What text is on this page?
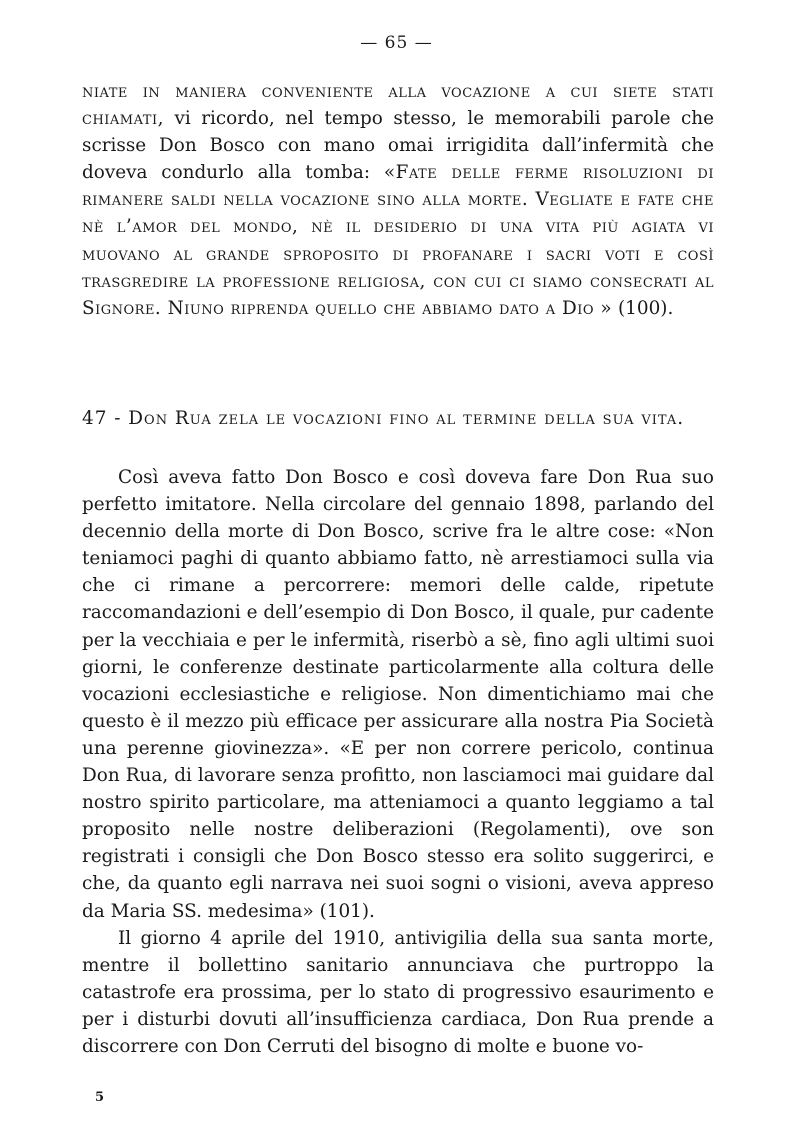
— 65 —
niate in maniera conveniente alla vocazione a cui siete stati chiamati, vi ricordo, nel tempo stesso, le memorabili parole che scrisse Don Bosco con mano omai irrigidita dall’infermità che doveva condurlo alla tomba: «Fate delle ferme risoluzioni di rimanere saldi nella vocazione sino alla morte. Vegliate e fate che nè l’amor del mondo, nè il desiderio di una vita più agiata vi muovano al grande sproposito di profanare i sacri voti e così trasgredire la professione religiosa, con cui ci siamo consecrati al Signore. Niuno riprenda quello che abbiamo dato a Dio » (100).
47 - Don Rua zela le vocazioni fino al termine della sua vita.

Così aveva fatto Don Bosco e così doveva fare Don Rua suo perfetto imitatore. Nella circolare del gennaio 1898, parlando del decennio della morte di Don Bosco, scrive fra le altre cose: «Non teniamoci paghi di quanto abbiamo fatto, nè arrestiamoci sulla via che ci rimane a percorrere: memori delle calde, ripetute raccomandazioni e dell’esempio di Don Bosco, il quale, pur cadente per la vecchiaia e per le infermità, riserbò a sè, fino agli ultimi suoi giorni, le conferenze destinate particolarmente alla coltura delle vocazioni ecclesiastiche e religiose. Non dimentichiamo mai che questo è il mezzo più efficace per assicurare alla nostra Pia Società una perenne giovinezza». «E per non correre pericolo, continua Don Rua, di lavorare senza profitto, non lasciamoci mai guidare dal nostro spirito particolare, ma atteniamoci a quanto leggiamo a tal proposito nelle nostre deliberazioni (Regolamenti), ove son registrati i consigli che Don Bosco stesso era solito suggerirci, e che, da quanto egli narrava nei suoi sogni o visioni, aveva appreso da Maria SS. medesima» (101).

Il giorno 4 aprile del 1910, antivigilia della sua santa morte, mentre il bollettino sanitario annunciava che purtroppo la catastrofe era prossima, per lo stato di progressivo esaurimento e per i disturbi dovuti all’insufficienza cardiaca, Don Rua prende a discorrere con Don Cerruti del bisogno di molte e buone vo-

5
